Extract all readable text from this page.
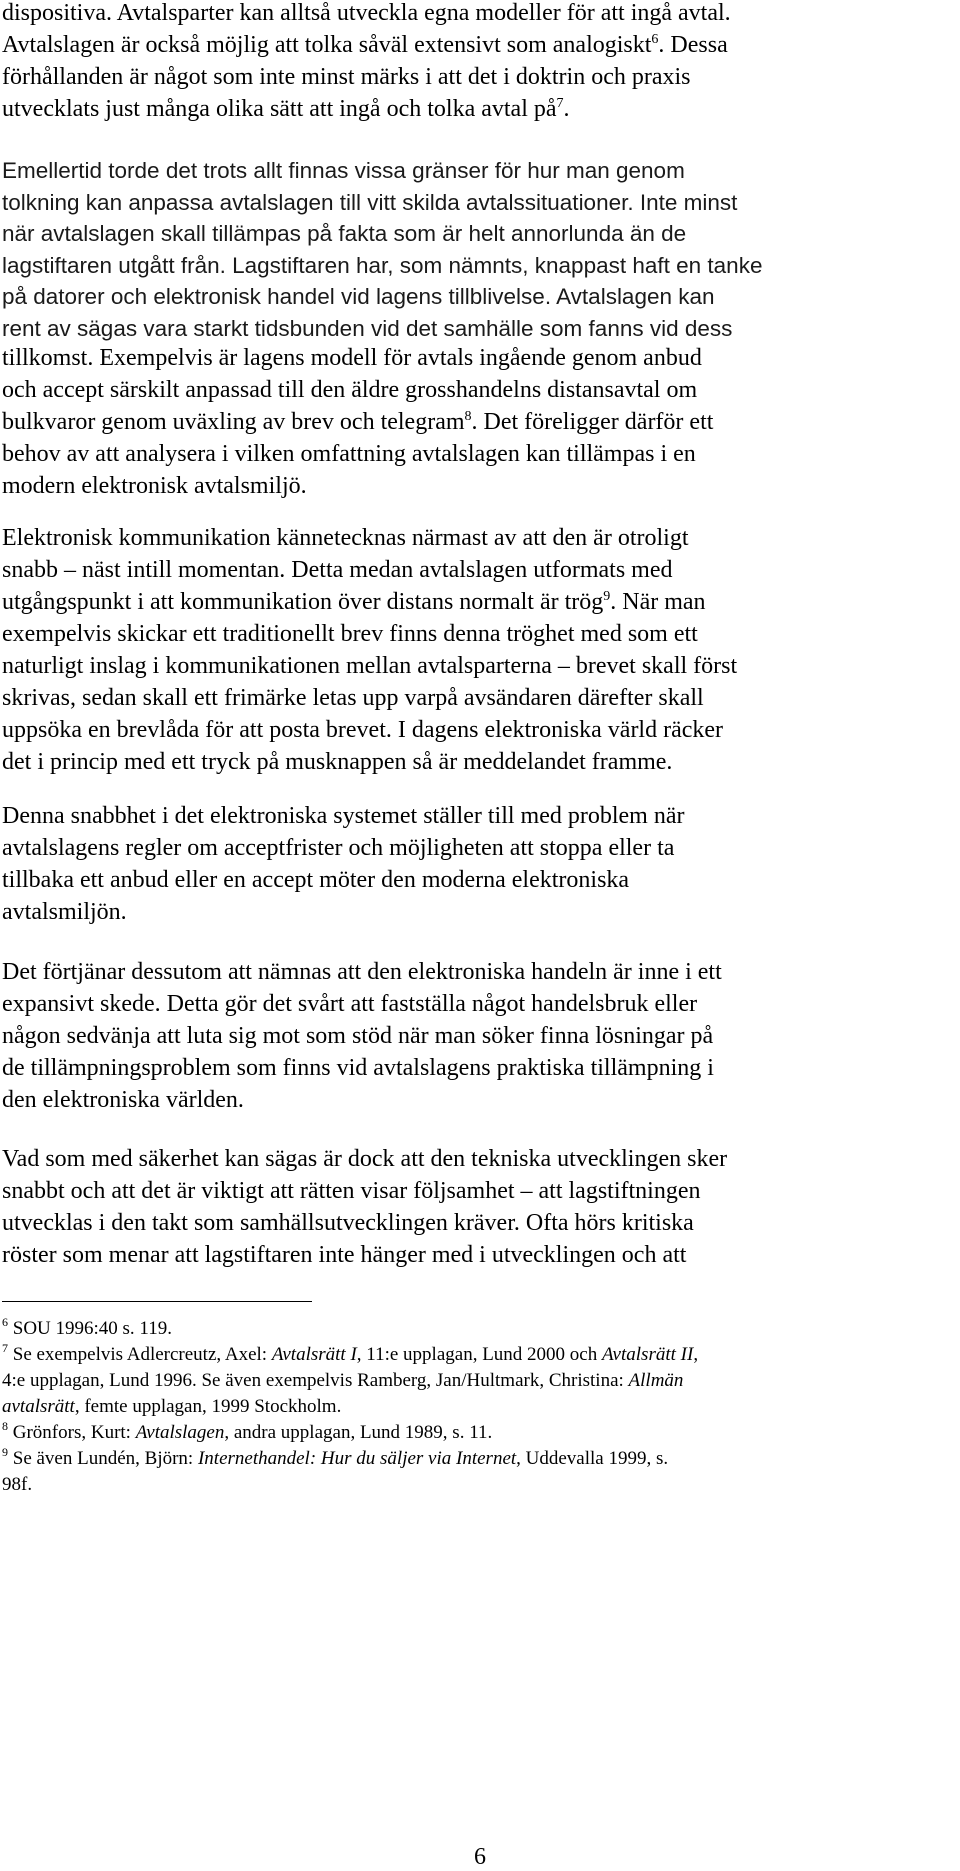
dispositiva. Avtalsparter kan alltså utveckla egna modeller för att ingå avtal.
Avtalslagen är också möjlig att tolka såväl extensivt som analogiskt$^6$. Dessa
förhållanden är något som inte minst märks i att det i doktrin och praxis
utvecklats just många olika sätt att ingå och tolka avtal $på^7$.

Emellertid torde det trots allt finnas vissa gränser för hur man genom
tolkning kan anpassa avtalslagen till vitt skilda avtalssituationer. Inte minst
när avtalslagen skall tillämpas på fakta som är helt annorlunda än de
lagstiftaren utgått från. Lagstiftaren har, som nämnts, knappast haft en tanke
på datorer och elektronisk handel vid lagens tillblivelse. Avtalslagen kan
rent av sägas vara starkt tidsbunden vid det samhälle som fanns vid dess

tillkomst. Exempelvis är lagens modell för avtals ingående genom anbud
och accept särskilt anpassad till den äldre grosshandelns distansavtal om
bulkvaror genom uväxling av brev och telegram$^8$. Det föreligger därför ett
behov av att analysera i vilken omfattning avtalslagen kan tillämpas i en
modern elektronisk avtalsmiljö.

Elektronisk kommunikation kännetecknas närmast av att den är otroligt
snabb – näst intill momentan. Detta medan avtalslagen utformats med
utgångspunkt i att kommunikation över distans normalt är trög$^9$. När man
exempelvis skickar ett traditionellt brev finns denna tröghet med som ett
naturligt inslag i kommunikationen mellan avtalsparterna – brevet skall först
skrivas, sedan skall ett frimärke letas upp varpå avsändaren därefter skall
uppsöka en brevlåda för att posta brevet. I dagens elektroniska värld räcker
det i princip med ett tryck på musknappen så är meddelandet framme.

Denna snabbhet i det elektroniska systemet ställer till med problem när
avtalslagens regler om acceptfrister och möjligheten att stoppa eller ta
tillbaka ett anbud eller en accept möter den moderna elektroniska
avtalsmiljön.

Det förtjänar dessutom att nämnas att den elektroniska handeln är inne i ett
expansivt skede. Detta gör det svårt att fastställa något handelsbruk eller
någon sedvänja att luta sig mot som stöd när man söker finna lösningar på
de tillämpningsproblem som finns vid avtalslagens praktiska tillämpning i
den elektroniska världen.

Vad som med säkerhet kan sägas är dock att den tekniska utvecklingen sker
snabbt och att det är viktigt att rätten visar följsamhet – att lagstiftningen
utvecklas i den takt som samhällsutvecklingen kräver. Ofta hörs kritiska
röster som menar att lagstiftaren inte hänger med i utvecklingen och att

$^6$ SOU 1996:40 s. 119.
$^7$ Se exempelvis Adlercreutz, Axel: Avtalsrätt I, 11:e upplagan, Lund 2000 och Avtalsrätt II,
4:e upplagan, Lund 1996. Se även exempelvis Ramberg, Jan/Hultmark, Christina: Allmän
avtalsrätt, femte upplagan, 1999 Stockholm.
$^8$ Grönfors, Kurt: Avtalslagen, andra upplagan, Lund 1989, s. 11.
$^9$ Se även Lundén, Björn: Internethandel: Hur du säljer via Internet, Uddevalla 1999, s.
98f.
6
